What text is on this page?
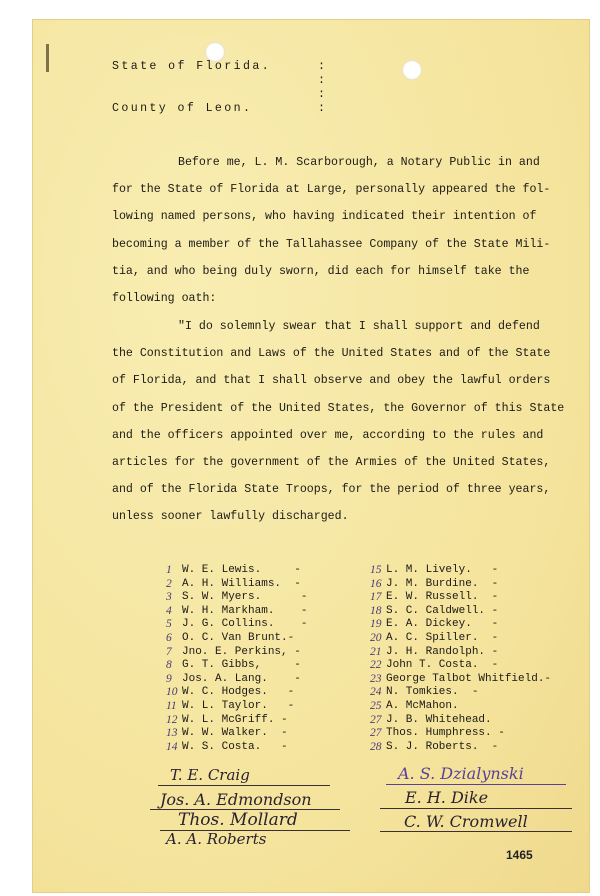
State of Florida.	:
:
:
County of Leon.	:
Before me, L. M. Scarborough, a Notary Public in and
for the State of Florida at Large, personally appeared the fol-
lowing named persons, who having indicated their intention of
becoming a member of the Tallahassee Company of the State Mili-
tia, and who being duly sworn, did each for himself take the
following oath:
"I do solemnly swear that I shall support and defend
the Constitution and Laws of the United States and of the State
of Florida, and that I shall observe and obey the lawful orders
of the President of the United States, the Governor of this State
and the officers appointed over me, according to the rules and
articles for the government of the Armies of the United States,
and of the Florida State Troops, for the period of three years,
unless sooner lawfully discharged.
1 W. E. Lewis.     -
2 A. H. Williams.  -
3 S. W. Myers.      -
4 W. H. Markham.    -
5 J. G. Collins.    -
6 O. C. Van Brunt.-
7 Jno. E. Perkins, -
8 G. T. Gibbs,     -
9 Jos. A. Lang.    -
10 W. C. Hodges.   -
11 W. L. Taylor.   -
12 W. L. McGriff. -
13 W. W. Walker.  -
14 W. S. Costa.   -
15 L. M. Lively.   -
16 J. M. Burdine.  -
17 E. W. Russell.  -
18 S. C. Caldwell. -
19 E. A. Dickey.   -
20 A. C. Spiller.  -
21 J. H. Randolph. -
22 John T. Costa.  -
23 George Talbot Whitfield.-
24 N. Tomkies.  -
25 A. McMahon.
27 J. B. Whitehead.
27 Thos. Humphress. -
28 S. J. Roberts.  -
T. E. Craig
Jos. A. Edmondson
Thos. Mollard
A. A. Roberts
A. S. Dzialynski
E. H. Dike
C. W. Cromwell
1465
